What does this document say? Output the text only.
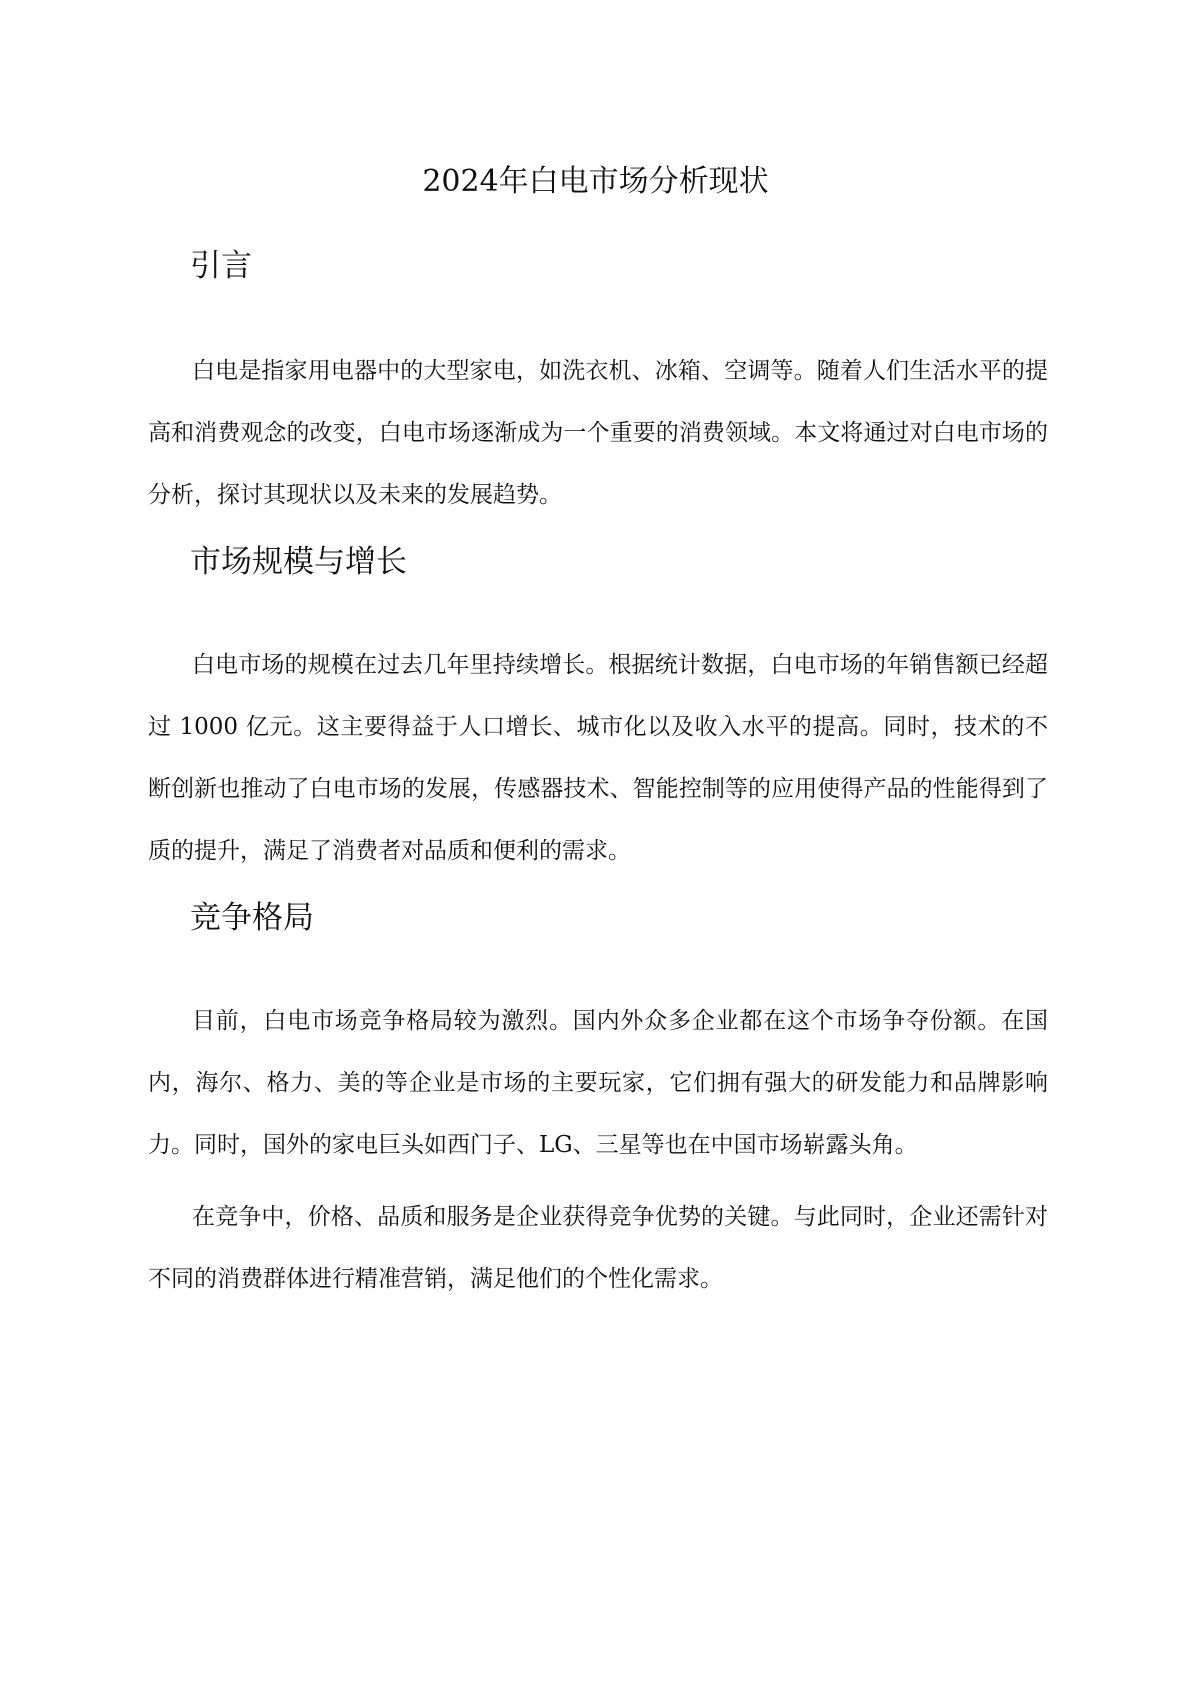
2024年白电市场分析现状
引言

白电是指家用电器中的大型家电，如洗衣机、冰箱、空调等。随着人们生活水平的提高和消费观念的改变，白电市场逐渐成为一个重要的消费领域。本文将通过对白电市场的分析，探讨其现状以及未来的发展趋势。

市场规模与增长

白电市场的规模在过去几年里持续增长。根据统计数据，白电市场的年销售额已经超过 1000 亿元。这主要得益于人口增长、城市化以及收入水平的提高。同时，技术的不断创新也推动了白电市场的发展，传感器技术、智能控制等的应用使得产品的性能得到了质的提升，满足了消费者对品质和便利的需求。

竞争格局

目前，白电市场竞争格局较为激烈。国内外众多企业都在这个市场争夺份额。在国内，海尔、格力、美的等企业是市场的主要玩家，它们拥有强大的研发能力和品牌影响力。同时，国外的家电巨头如西门子、LG、三星等也在中国市场崭露头角。

在竞争中，价格、品质和服务是企业获得竞争优势的关键。与此同时，企业还需针对不同的消费群体进行精准营销，满足他们的个性化需求。
